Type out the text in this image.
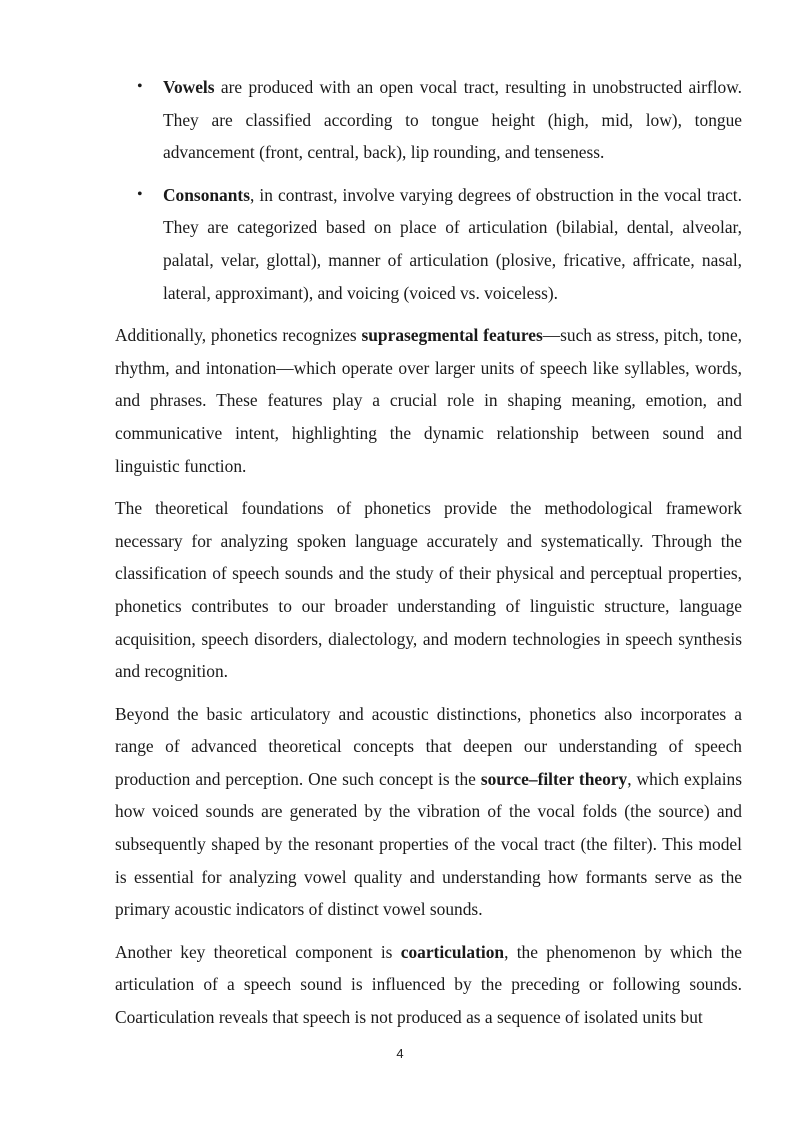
• Vowels are produced with an open vocal tract, resulting in unobstructed airflow. They are classified according to tongue height (high, mid, low), tongue advancement (front, central, back), lip rounding, and tenseness.
• Consonants, in contrast, involve varying degrees of obstruction in the vocal tract. They are categorized based on place of articulation (bilabial, dental, alveolar, palatal, velar, glottal), manner of articulation (plosive, fricative, affricate, nasal, lateral, approximant), and voicing (voiced vs. voiceless).

Additionally, phonetics recognizes suprasegmental features—such as stress, pitch, tone, rhythm, and intonation—which operate over larger units of speech like syllables, words, and phrases. These features play a crucial role in shaping meaning, emotion, and communicative intent, highlighting the dynamic relationship between sound and linguistic function.

The theoretical foundations of phonetics provide the methodological framework necessary for analyzing spoken language accurately and systematically. Through the classification of speech sounds and the study of their physical and perceptual properties, phonetics contributes to our broader understanding of linguistic structure, language acquisition, speech disorders, dialectology, and modern technologies in speech synthesis and recognition.

Beyond the basic articulatory and acoustic distinctions, phonetics also incorporates a range of advanced theoretical concepts that deepen our understanding of speech production and perception. One such concept is the source–filter theory, which explains how voiced sounds are generated by the vibration of the vocal folds (the source) and subsequently shaped by the resonant properties of the vocal tract (the filter). This model is essential for analyzing vowel quality and understanding how formants serve as the primary acoustic indicators of distinct vowel sounds.

Another key theoretical component is coarticulation, the phenomenon by which the articulation of a speech sound is influenced by the preceding or following sounds. Coarticulation reveals that speech is not produced as a sequence of isolated units but

4
